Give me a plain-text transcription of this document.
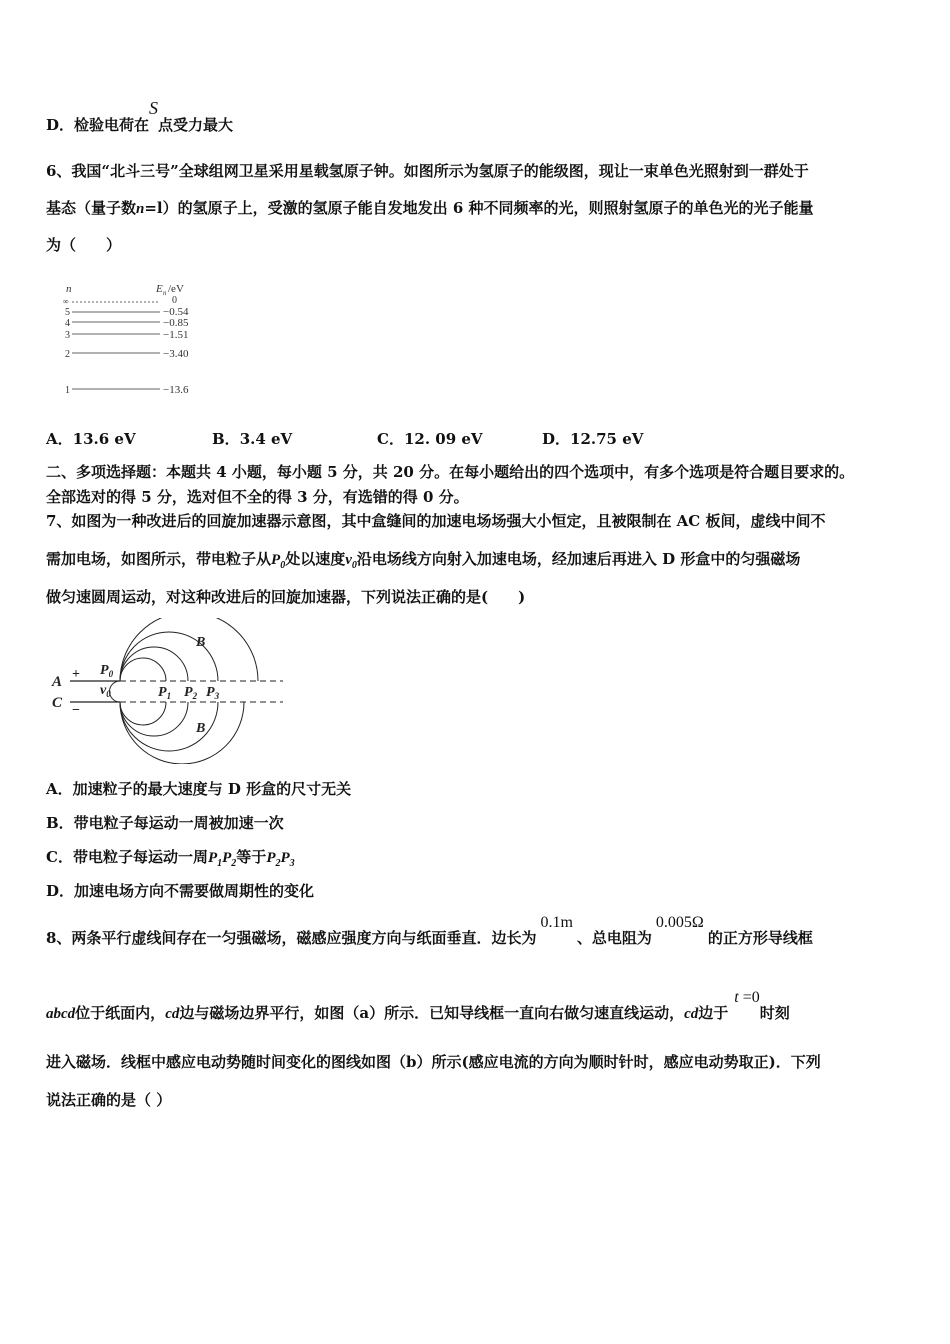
D．检验电荷在S点受力最大
6、我国“北斗三号”全球组网卫星采用星载氢原子钟。如图所示为氢原子的能级图，现让一束单色光照射到一群处于
基态（量子数n=l）的氢原子上，受激的氢原子能自发地发出 6 种不同频率的光，则照射氢原子的单色光的光子能量
为（　　）
n	E n /eV
∞	0
5	−0.54
4	−0.85
3	−1.51
2	−3.40
1	−13.6
A．13.6 eV	B．3.4 eV	C．12. 09 eV	D．12.75 eV
二、多项选择题：本题共 4 小题，每小题 5 分，共 20 分。在每小题给出的四个选项中，有多个选项是符合题目要求的。
全部选对的得 5 分，选对但不全的得 3 分，有选错的得 0 分。
7、如图为一种改进后的回旋加速器示意图，其中盒缝间的加速电场场强大小恒定，且被限制在 AC 板间，虚线中间不
需加电场，如图所示，带电粒子从$P_0$处以速度$v_0$沿电场线方向射入加速电场，经加速后再进入 D 形盒中的匀强磁场
做匀速圆周运动，对这种改进后的回旋加速器，下列说法正确的是(　　)
A
C
+
−
$P_0$
$v_0$	$P_1$ $P_2$ $P_3$
B
B
A．加速粒子的最大速度与 D 形盒的尺寸无关
B．带电粒子每运动一周被加速一次
C．带电粒子每运动一周$P_1P_2$等于$P_2P_3$
D．加速电场方向不需要做周期性的变化
8、两条平行虚线间存在一匀强磁场，磁感应强度方向与纸面垂直．边长为0.1m、总电阻为0.005Ω的正方形导线框
abcd位于纸面内，cd边与磁场边界平行，如图（a）所示．已知导线框一直向右做匀速直线运动，cd边于t =0时刻
进入磁场．线框中感应电动势随时间变化的图线如图（b）所示(感应电流的方向为顺时针时，感应电动势取正)．下列
说法正确的是（ ）
